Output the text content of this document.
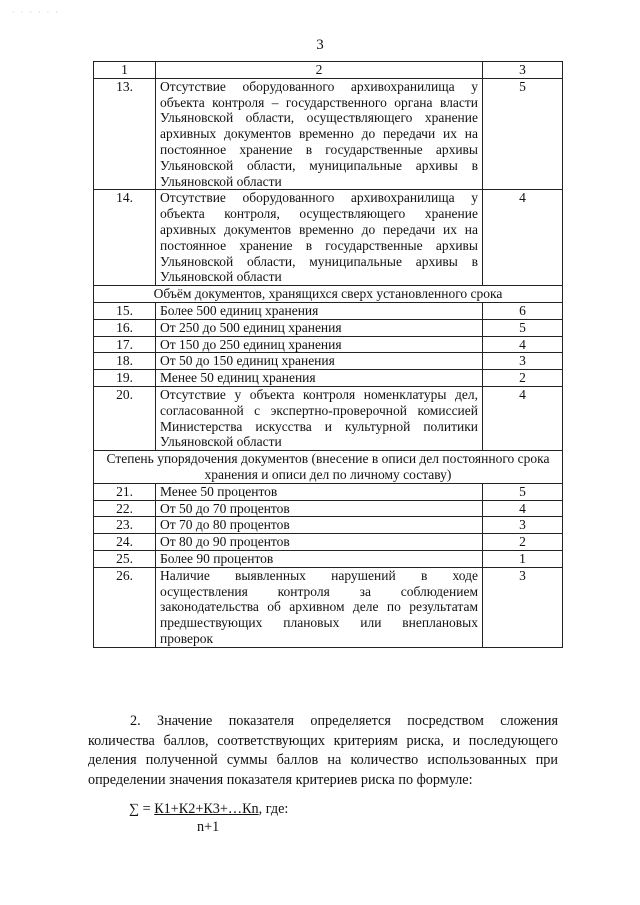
· · · · · ·
3
1	2	3
13.	Отсутствие оборудованного архивохранилища у объекта контроля – государственного органа власти Ульяновской области, осуществляющего хранение архивных документов временно до передачи их на постоянное хранение в государственные архивы Ульяновской области, муниципальные архивы в Ульяновской области	5
14.	Отсутствие оборудованного архивохранилища у объекта контроля, осуществляющего хранение архивных документов временно до передачи их на постоянное хранение в государственные архивы Ульяновской области, муниципальные архивы в Ульяновской области	4
Объём документов, хранящихся сверх установленного срока		
15.	Более 500 единиц хранения	6
16.	От 250 до 500 единиц хранения	5
17.	От 150 до 250 единиц хранения	4
18.	От 50 до 150 единиц хранения	3
19.	Менее 50 единиц хранения	2
20.	Отсутствие у объекта контроля номенклатуры дел, согласованной с экспертно-проверочной комиссией Министерства искусства и культурной политики Ульяновской области	4
Степень упорядочения документов (внесение в описи дел постоянного срока хранения и описи дел по личному составу)		
21.	Менее 50 процентов	5
22.	От 50 до 70 процентов	4
23.	От 70 до 80 процентов	3
24.	От 80 до 90 процентов	2
25.	Более 90 процентов	1
26.	Наличие выявленных нарушений в ходе осуществления контроля за соблюдением законодательства об архивном деле по результатам предшествующих плановых или внеплановых проверок	3
2. Значение показателя определяется посредством сложения количества баллов, соответствующих критериям риска, и последующего деления полученной суммы баллов на количество использованных при определении значения показателя критериев риска по формуле:
∑ = К1+К2+К3+…Кn, где:
n+1
